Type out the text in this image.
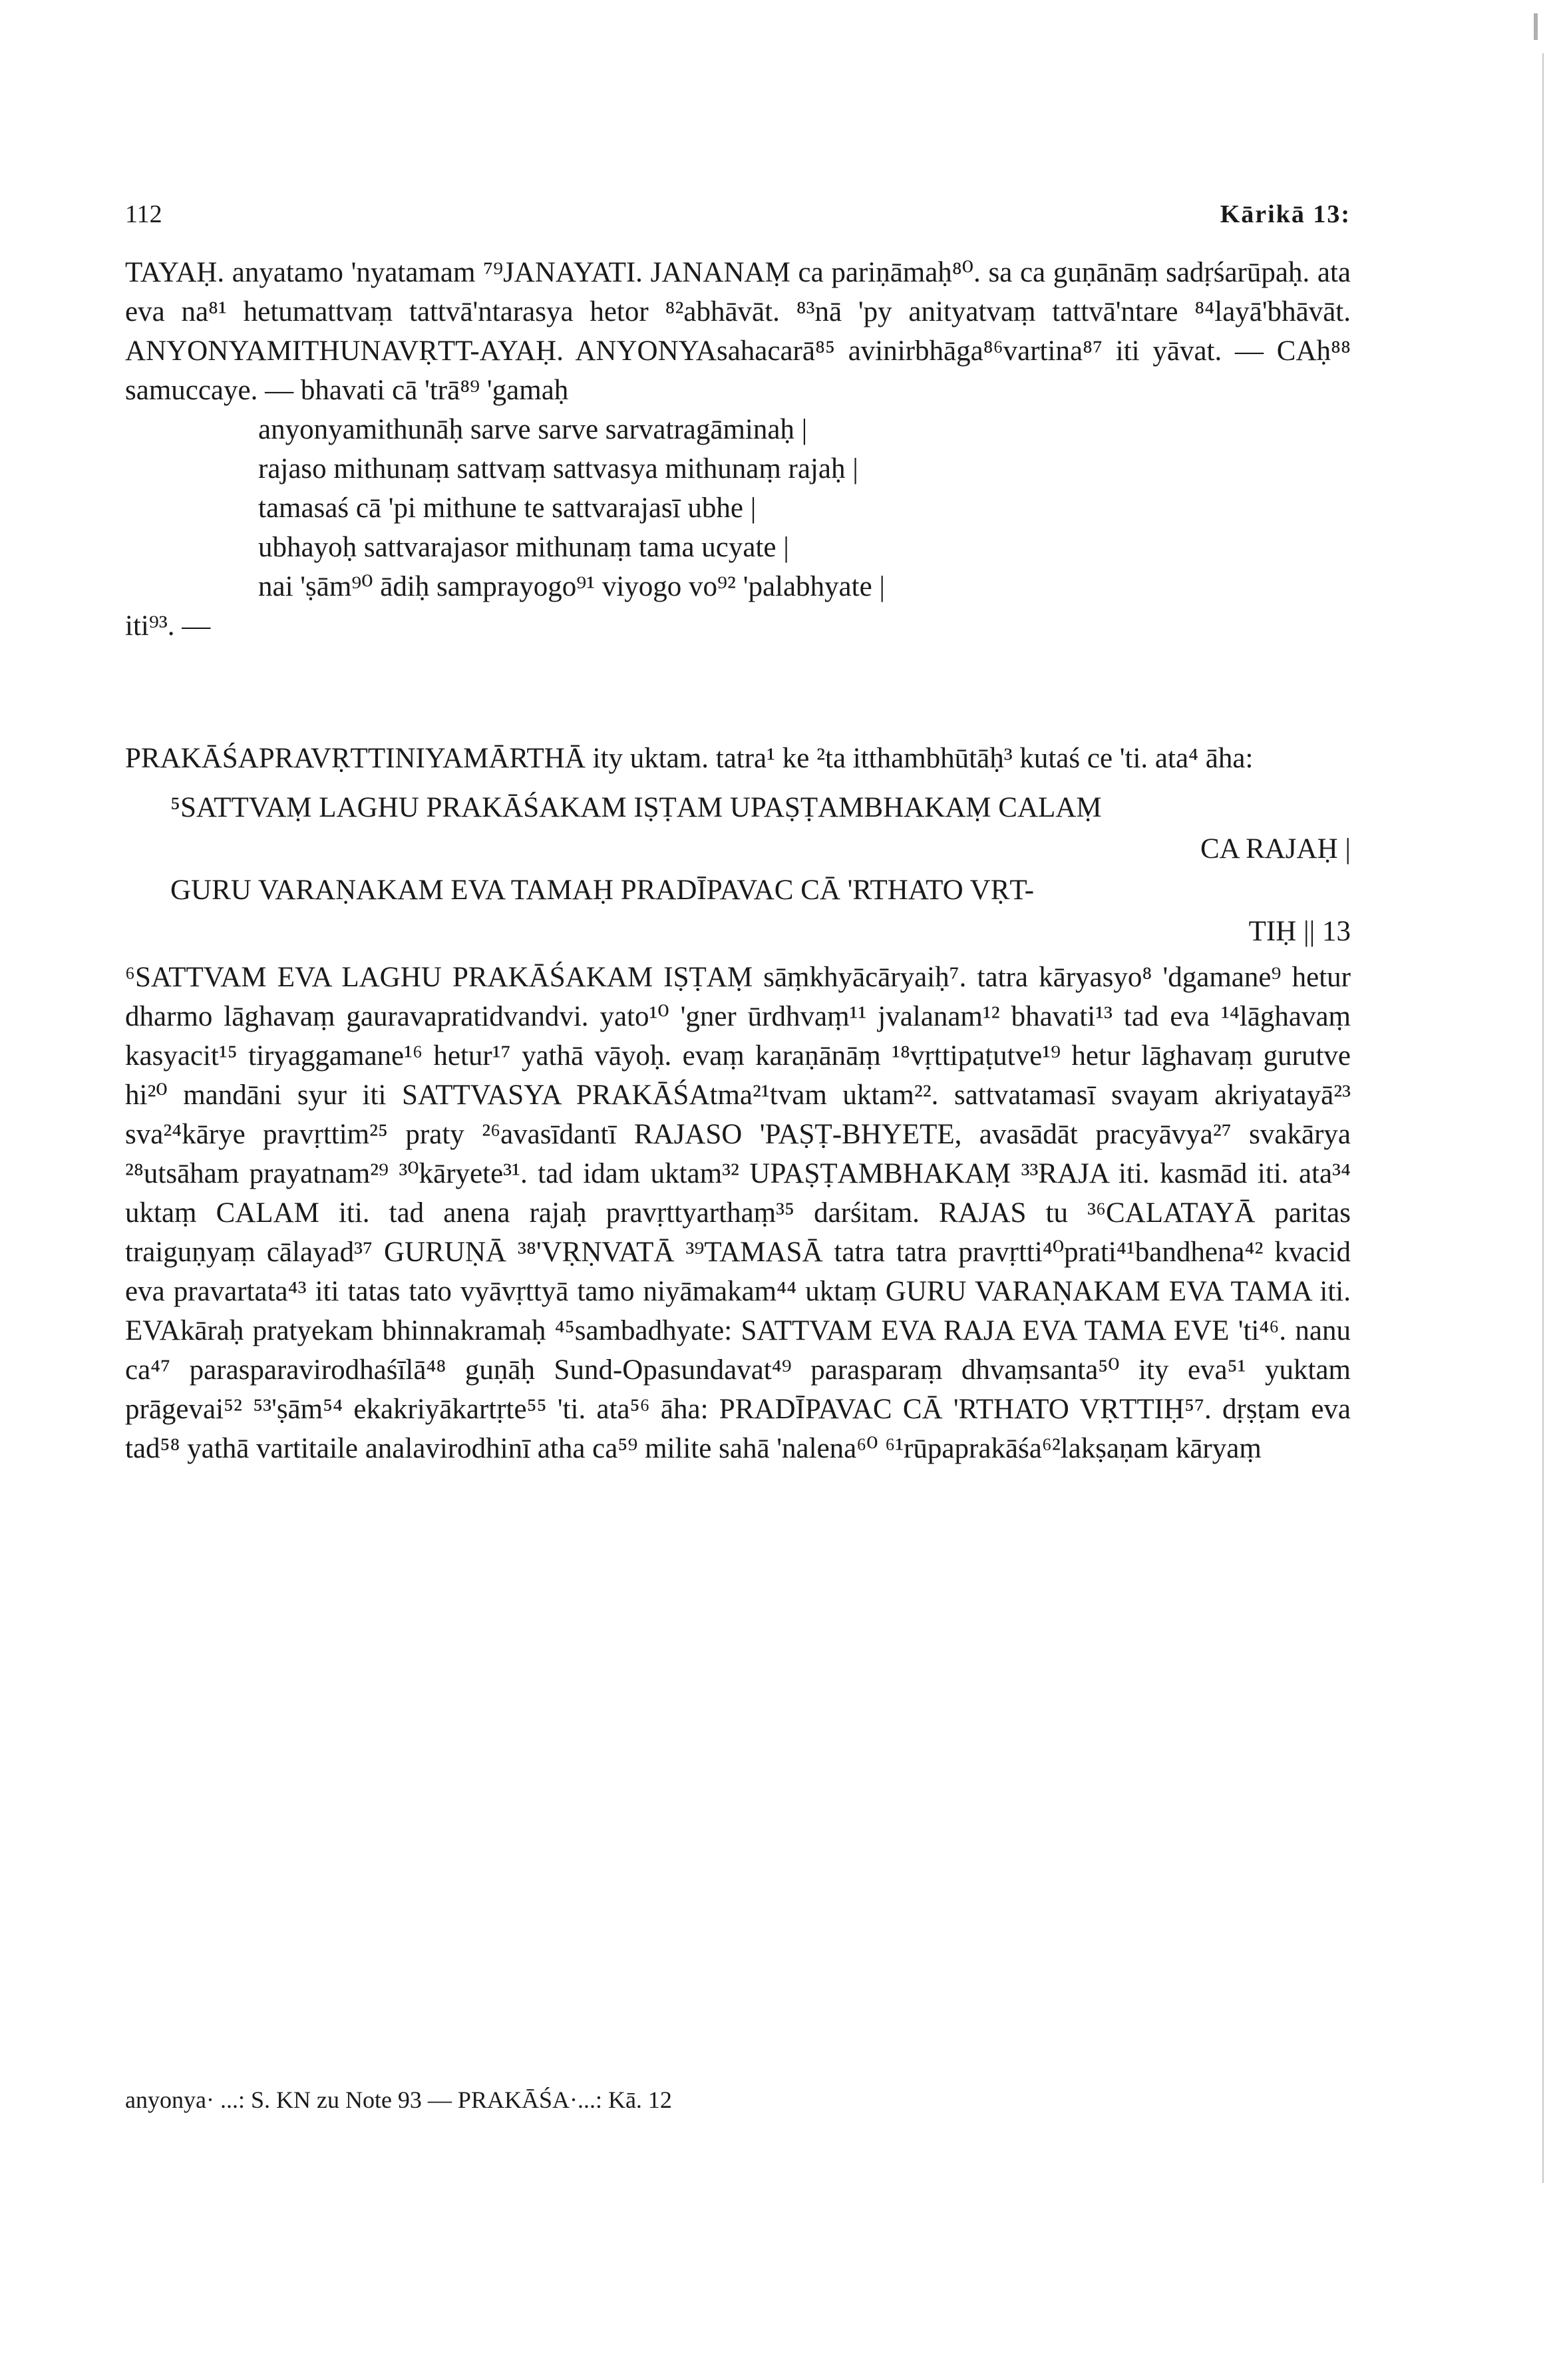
112	Kārikā 13:

TAYAḤ. anyatamo 'nyatamam ⁷⁹JANAYATI. JANANAṂ ca pariṇāmaḥ⁸⁰. sa ca guṇānāṃ sadṛśarūpaḥ. ata eva na⁸¹ hetumattvaṃ tattvā'ntarasya hetor ⁸²abhāvāt. ⁸³nā 'py anityatvaṃ tattvā'ntare ⁸⁴layā'bhāvāt. ANYONYAMITHUNAVṚTT-AYAḤ. ANYONYAsahacarā⁸⁵ avinirbhāga⁸⁶vartina⁸⁷ iti yāvat. — CAḥ⁸⁸ samuccaye. — bhavati cā 'trā⁸⁹ 'gamaḥ

anyonyamithunāḥ sarve sarve sarvatragāminaḥ |
rajaso mithunaṃ sattvaṃ sattvasya mithunaṃ rajaḥ |
tamasaś cā 'pi mithune te sattvarajasī ubhe |
ubhayoḥ sattvarajasor mithunaṃ tama ucyate |
nai 'ṣām⁹⁰ ādiḥ samprayogo⁹¹ viyogo vo⁹² 'palabhyate |
iti⁹³. —

PRAKĀŚAPRAVṚTTINIYAMĀRTHĀ ity uktam. tatra¹ ke ²ta itthambhūtāḥ³ kutaś ce 'ti. ata⁴ āha:

⁵SATTVAṂ LAGHU PRAKĀŚAKAM IṢṬAM UPAṢṬAMBHAKAṂ CALAṂ
CA RAJAḤ |
GURU VARAṆAKAM EVA TAMAḤ PRADĪPAVAC CĀ 'RTHATO VṚT-
TIḤ || 13

⁶SATTVAM EVA LAGHU PRAKĀŚAKAM IṢṬAṂ sāṃkhyācāryaiḥ⁷. tatra kāryasyo⁸ 'dgamane⁹ hetur dharmo lāghavaṃ gauravapratidvandvi. yato¹⁰ 'gner ūrdhvaṃ¹¹ jvalanam¹² bhavati¹³ tad eva ¹⁴lāghavaṃ kasyacit¹⁵ tiryaggamane¹⁶ hetur¹⁷ yathā vāyoḥ. evaṃ karaṇānāṃ ¹⁸vṛttipaṭutve¹⁹ hetur lāghavaṃ gurutve hi²⁰ mandāni syur iti SATTVASYA PRAKĀŚAtma²¹tvam uktam²². sattvatamasī svayam akriyatayā²³ sva²⁴kārye pravṛttim²⁵ praty ²⁶avasīdantī RAJASO 'PAṢṬ-BHYETE, avasādāt pracyāvya²⁷ svakārya ²⁸utsāham prayatnam²⁹ ³⁰kāryete³¹. tad idam uktam³² UPAṢṬAMBHAKAṂ ³³RAJA iti. kasmād iti. ata³⁴ uktaṃ CALAM iti. tad anena rajaḥ pravṛttyarthaṃ³⁵ darśitam. RAJAS tu ³⁶CALATAYĀ paritas traiguṇyaṃ cālayad³⁷ GURUṆĀ ³⁸'VṚṆVATĀ ³⁹TAMASĀ tatra tatra pravṛtti⁴⁰prati⁴¹bandhena⁴² kvacid eva pravartata⁴³ iti tatas tato vyāvṛttyā tamo niyāmakam⁴⁴ uktaṃ GURU VARAṆAKAM EVA TAMA iti. EVAkāraḥ pratyekam bhinnakramaḥ ⁴⁵sambadhyate: SATTVAM EVA RAJA EVA TAMA EVE 'ti⁴⁶. nanu ca⁴⁷ parasparavirodhaśīlā⁴⁸ guṇāḥ Sund-Opasundavat⁴⁹ parasparaṃ dhvaṃsanta⁵⁰ ity eva⁵¹ yuktam prāgevai⁵² ⁵³'ṣām⁵⁴ ekakriyākartṛte⁵⁵ 'ti. ata⁵⁶ āha: PRADĪPAVAC CĀ 'RTHATO VṚTTIḤ⁵⁷. dṛṣṭam eva tad⁵⁸ yathā vartitaile analavirodhinī atha ca⁵⁹ milite sahā 'nalena⁶⁰ ⁶¹rūpaprakāśa⁶²lakṣaṇam kāryaṃ

anyonya· ...: S. KN zu Note 93 — PRAKĀŚA·...: Kā. 12
